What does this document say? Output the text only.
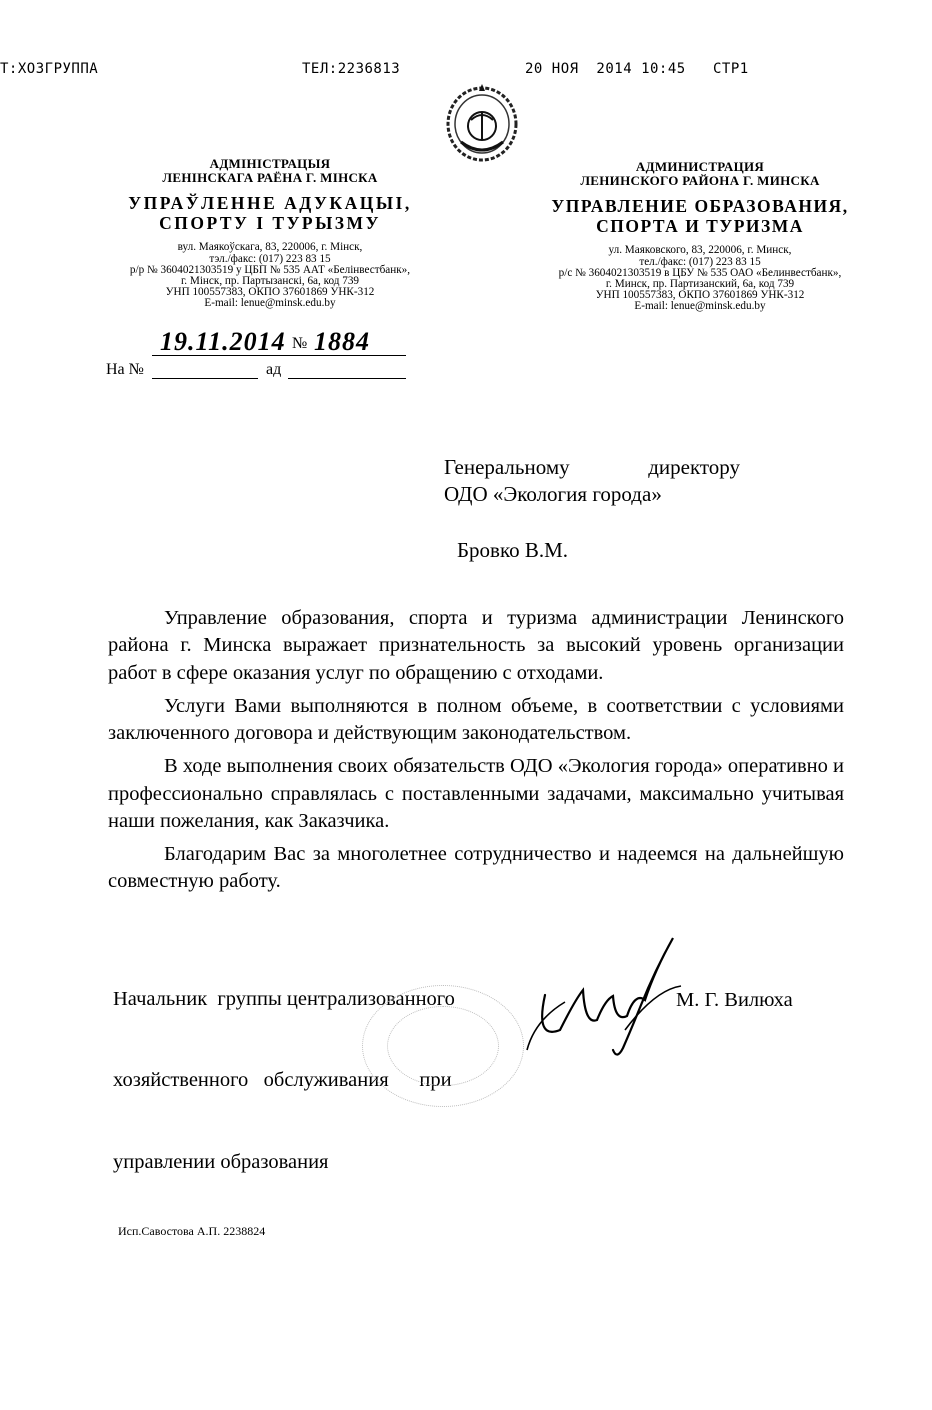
Т:ХОЗГРУППА	ТЕЛ:2236813	20 НОЯ  2014 10:45 СТР1
АДМІНІСТРАЦЫЯ
ЛЕНІНСКАГА РАЁНА Г. МІНСКА
УПРАЎЛЕННЕ АДУКАЦЫІ,
СПОРТУ І ТУРЫЗМУ
вул. Маякоўскага, 83, 220006, г. Мінск,
тэл./факс: (017) 223 83 15
р/р № 3604021303519 у ЦБП № 535 ААТ «Белінвестбанк»,
г. Мінск, пр. Партызанскі, 6а, код 739
УНП 100557383, ОКПО 37601869 УНК-312
E-mail: lenue@minsk.edu.by
АДМИНИСТРАЦИЯ
ЛЕНИНСКОГО РАЙОНА Г. МИНСКА
УПРАВЛЕНИЕ ОБРАЗОВАНИЯ,
СПОРТА И ТУРИЗМА
ул. Маяковского, 83, 220006, г. Минск,
тел./факс: (017) 223 83 15
р/с № 3604021303519 в ЦБУ № 535 ОАО «Белинвестбанк»,
г. Минск, пр. Партизанский, 6а, код 739
УНП 100557383, ОКПО 37601869 УНК-312
E-mail: lenue@minsk.edu.by
19.11.2014 № 1884
На №	ад
Генеральному	директору
ОДО «Экология города»
Бровко В.М.

Управление образования, спорта и туризма администрации Ленинского района г. Минска выражает признательность за высокий уровень организации работ в сфере оказания услуг по обращению с отходами.

Услуги Вами выполняются в полном объеме, в соответствии с условиями заключенного договора и действующим законодательством.

В ходе выполнения своих обязательств ОДО «Экология города» оперативно и профессионально справлялась с поставленными задачами, максимально учитывая наши пожелания, как Заказчика.

Благодарим Вас за многолетнее сотрудничество и надеемся на дальнейшую совместную работу.

Начальник  группы централизованного

хозяйственного   обслуживания      при

управлении образования

М. Г. Вилюха
Исп.Савостова А.П. 2238824
